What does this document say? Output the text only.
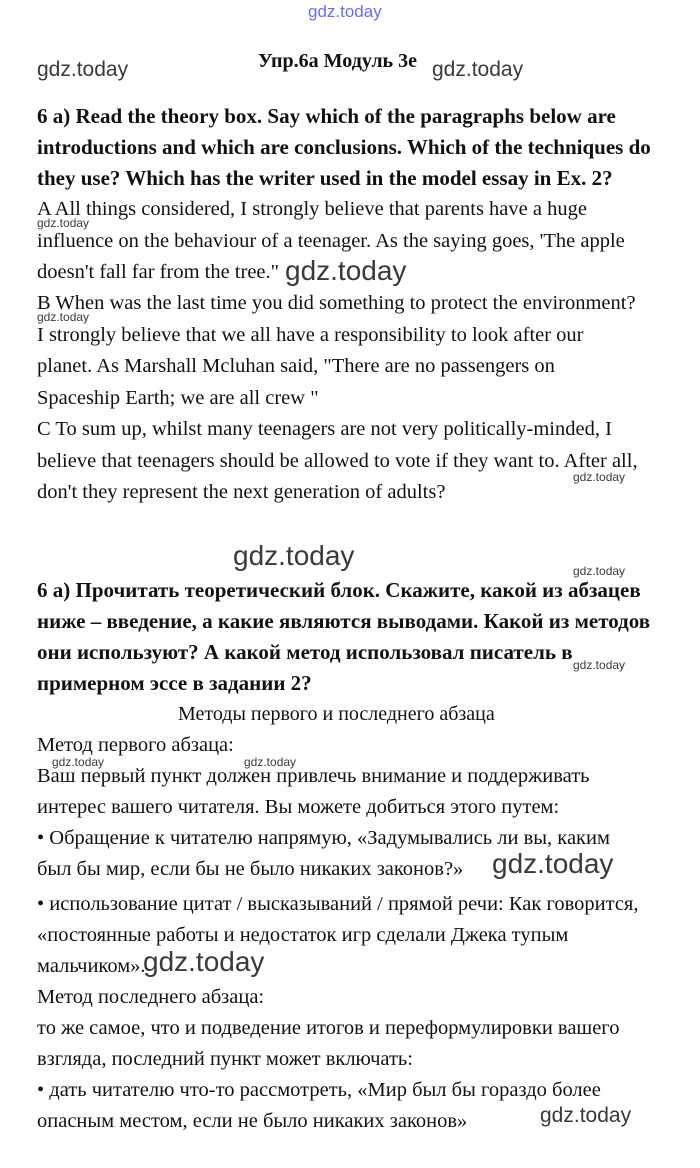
gdz.today
gdz.today	gdz.today
gdz.today
gdz.today
gdz.today
gdz.today
gdz.today	gdz.today
gdz.today
gdz.today	gdz.today
gdz.today
gdz.today
gdz.today
Упр.6a Модуль 3e
6 a) Read the theory box. Say which of the paragraphs below are
introductions and which are conclusions. Which of the techniques do
they use? Which has the writer used in the model essay in Ex. 2?
A All things considered, I strongly believe that parents have a huge
influence on the behaviour of a teenager. As the saying goes, 'The apple
doesn't fall far from the tree."
B When was the last time you did something to protect the environment?
I strongly believe that we all have a responsibility to look after our
planet. As Marshall Mcluhan said, "There are no passengers on
Spaceship Earth; we are all crew "
C To sum up, whilst many teenagers are not very politically-minded, I
believe that teenagers should be allowed to vote if they want to. After all,
don't they represent the next generation of adults?
6 а) Прочитать теоретический блок. Скажите, какой из абзацев
ниже – введение, а какие являются выводами. Какой из методов
они используют? А какой метод использовал писатель в
примерном эссе в задании 2?
Методы первого и последнего абзаца
Метод первого абзаца:
Ваш первый пункт должен привлечь внимание и поддерживать
интерес вашего читателя. Вы можете добиться этого путем:
• Обращение к читателю напрямую, «Задумывались ли вы, каким
был бы мир, если бы не было никаких законов?»
• использование цитат / высказываний / прямой речи: Как говорится,
«постоянные работы и недостаток игр сделали Джека тупым
мальчиком».
Метод последнего абзаца:
то же самое, что и подведение итогов и переформулировки вашего
взгляда, последний пункт может включать:
• дать читателю что-то рассмотреть, «Мир был бы гораздо более
опасным местом, если не было никаких законов»
